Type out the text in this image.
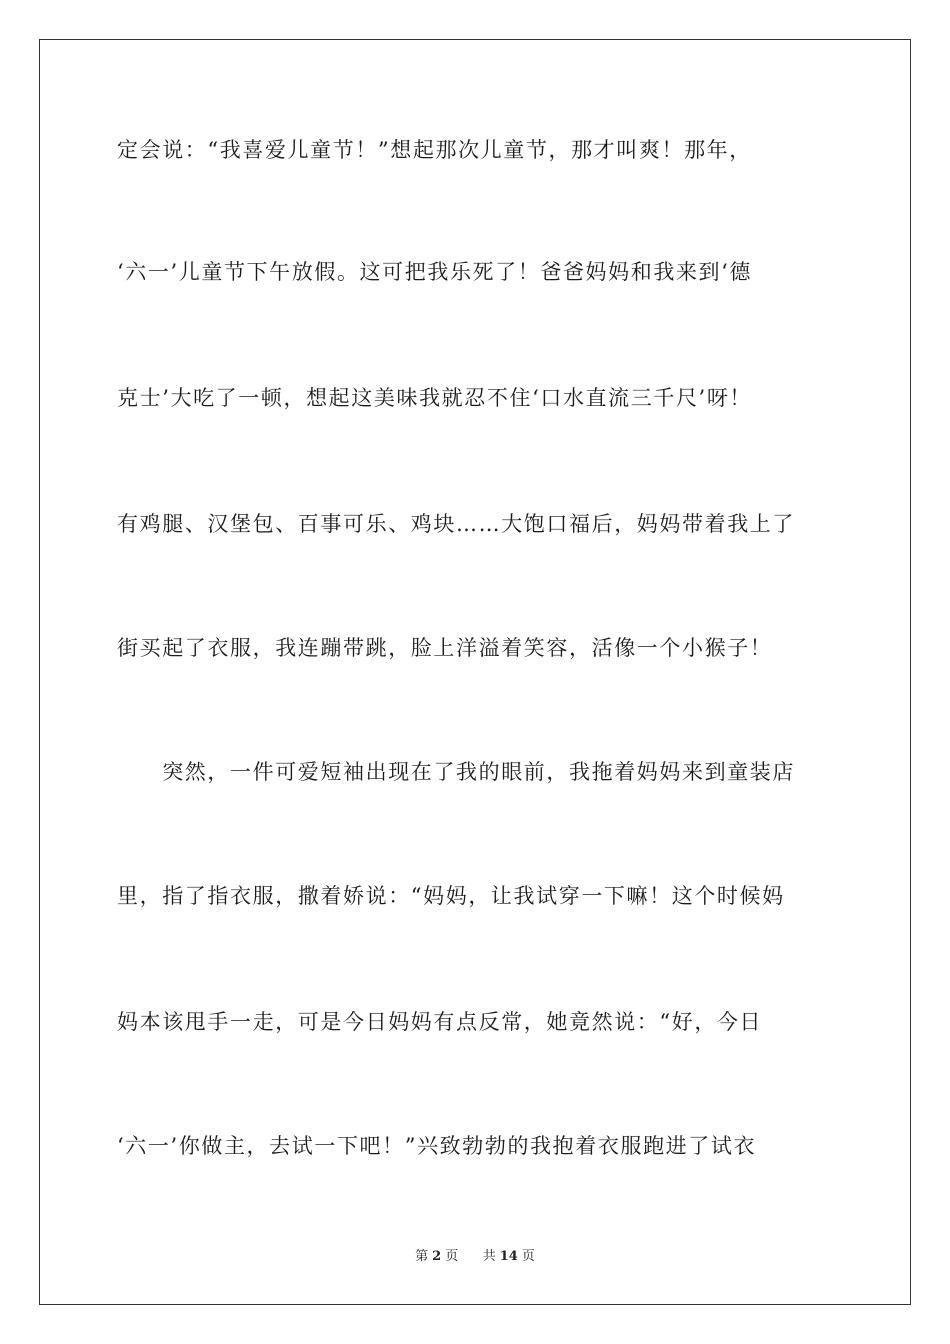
定会说：“我喜爱儿童节！”想起那次儿童节，那才叫爽！那年，
‘六一’儿童节下午放假。这可把我乐死了！爸爸妈妈和我来到‘德
克士’大吃了一顿，想起这美味我就忍不住‘口水直流三千尺’呀！
有鸡腿、汉堡包、百事可乐、鸡块……大饱口福后，妈妈带着我上了
街买起了衣服，我连蹦带跳，脸上洋溢着笑容，活像一个小猴子！
　　突然，一件可爱短袖出现在了我的眼前，我拖着妈妈来到童装店
里，指了指衣服，撒着娇说：“妈妈，让我试穿一下嘛！这个时候妈
妈本该甩手一走，可是今日妈妈有点反常，她竟然说：“好，今日
‘六一’你做主，去试一下吧！”兴致勃勃的我抱着衣服跑进了试衣
第 2 页 共 14 页
